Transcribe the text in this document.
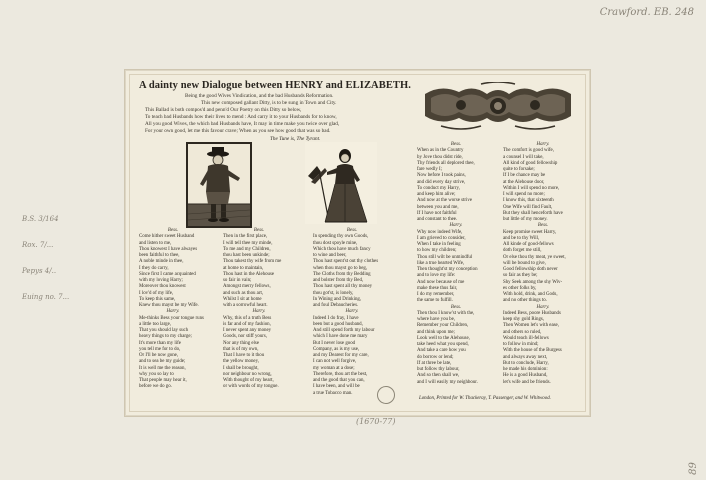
Crawford. EB. 248
B.S. 3/164
Rox. 7/...
Pepys 4/..
Euing no. 7...
(1670-77)
89
A dainty new Dialogue between HENRY and ELIZABETH.
Being the good Wives Vindication, and the bad Husbands Reformation.
This new composed gallant Ditty, is to be sung in Town and City.
This Ballad is both compos'd and penn'd Our Poetry on this Ditty so below,
To teach bad Husbands how their lives to mend : And carry it to your Husbands for to know,
All you good Wives, the which bad Husbands have, It may in time make you twice over glad,
For your own good, let me this favour crave; When as you see how good that was so bad.
The Tune is, The Tyrant.
Bess.
Come hither sweet Husband
and listen to me,
Thou knowest I have alwayes
been faithful to thee,
A noble minde in thee,
I they do carry,
Since first I came acquainted
with my loving Harry;
Moreover thou knowest
I lov'd of my life,
To keep this same,
Knew thou mayst be my Wife.
Harry.
Me-thinks Bess your tongue runs
a little too large,
That you should lay such
heavy things to my charge;
It's more than my life
you tell me for to do,
Or I'll be now gone,
and to sea be my guide;
It is well me the reason,
why you so lay to
That people may hear it,
before we do go.
Bess.
Then in the first place,
I will tell thee my minde,
To me and my Children,
thou hast been unkinde;
Thou takest thy wife from me
at home to maintain,
Thou hast in the Alehouse
so fair in vain;
Amongst merry fellows,
and such as thou art,
Whilst I sit at home
with a sorrowful heart.
Harry.
Why, this of a truth Bess
is far and of my fashion,
I never spent any money
Goods, nor stiff yours,
Nor any thing else
that is of my own,
That I have to it thou
the yellow money,
I shall be brought,
nor neighbour no wrong,
With thought of my heart,
or with words of my tongue.
Bess.
In spending thy own Goods,
thou dost spoyle mine,
Which thou have much fancy
to wine and beer,
Thou hast spent'st out thy clothes
when thou mayst go to beg,
The Cloths from thy Bedding
and bolster from thy Bed,
Thou hast spent all thy money
thou got'st, is lonely,
In Wining and Drinking,
and foul Debaucheries.
Harry.
Indeed I do fray, I have
been but a good husband,
And still spend forth my labour
which I have done me mary
But I never lose good
Company, as is my use,
and my Dearest for my care,
I can not well forgive,
my woman at a dose;
Therefore, thou art the best,
and the good that you can,
I have been, and will be
a true Tobacco man.
Bess.
When as in the Country
by Jove thou didst ride,
Thy friends all deplored thee,
fare wedly I;
Now before I took pains,
and did every day strive,
To conduct my Harry,
and keep him alive;
And now at the worse strive
between you and me,
If I have not faithful
and constant to thee.
Harry.
Why now indeed Wife,
I am grieved to consider,
When I take in feeling
to how my children;
Thou still wilt be unmindful
like a true hearted Wife,
Then thought'st my conception
and to love my life:
And now because of me
make these thus fair,
I do my remember,
the same to fulfill.
Bess.
Then thou I know'st with the,
where have you be,
Remember your Children,
and think upon me;
Look well to the Alehouse,
take heed what you spend,
And take a care how you
do borrow or lend;
If at three be late,
but follow thy labour,
And so then shall we,
and I will easily my neighbour.
Harry.
The comfort is good wife,
a counsel I will take,
All kind of good fellowship
quite to forsake;
If I be chance may be
at the Alehouse door,
Within I will spend no more,
I will spend no more;
I know this, that sixteenth
One Wife will find Fault,
But they shall henceforth have
but little of my money.
Bess.
Keep promise sweet Harry,
and be to thy Will,
All kinde of good-fellows
doth forget me still,
Or else thou thy meat, ye sweet,
will be bound to give,
Good fellowship doth never
so fair as they be;
Shy Seek among the shy Wiv-
es other folks by,
With hold, drink, and Gods,
and no other things to.
Harry.
Indeed Bess, poore Husbands
keep shy gold Rings,
Then Women let's with ease,
and others so ruled,
Would teach ill-fellows
to follow in mind;
With the house of the Burgess
and always away next,
But to conclude, Harry,
he made his dominion:
He is a good Husband,
let's wife and be friends.
London, Printed for W. Thackeray, T. Passenger, and W. Whitwood.
